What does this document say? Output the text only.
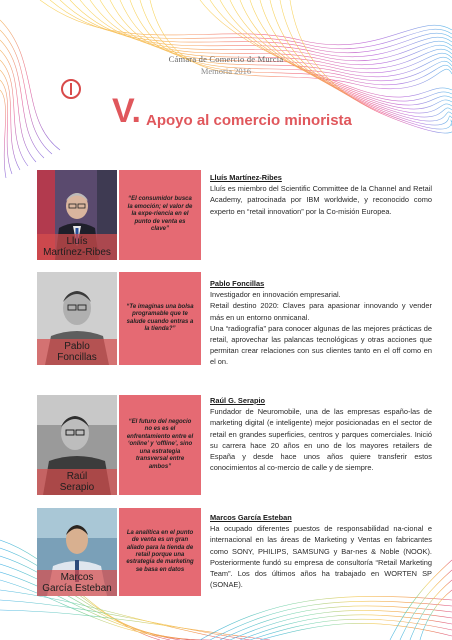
Cámara de Comercio de Murcia
Memoria 2016
V. Apoyo al comercio minorista
Lluís
Martínez-Ribes
“El consumidor busca la emoción; el valor de la expe-riencia en el punto de venta es clave”
Lluís Martínez-Ribes

Lluís es miembro del Scientific Committee de la Channel and Retail Academy, patrocinada por IBM worldwide, y reconocido como experto en “retail innovation” por la Co-misión Europea.

Pablo
Foncillas
“Te imaginas una bolsa programable que te salude cuando entras a la tienda?”
Pablo Foncillas

Investigador en innovación empresarial.

Retail destino 2020: Claves para apasionar innovando y vender más en un entorno onmicanal.

Una “radiografía” para conocer algunas de las mejores prácticas de retail, aprovechar las palancas tecnológicas y otras acciones que permitan crear relaciones con sus clientes tanto en el off como en el on.

Raúl
Serapio
“El futuro del negocio no es es el enfrentamiento entre el ‘online’ y ‘offline’, sino una estrategia transversal entre ambos”
Raúl G. Serapio

Fundador de Neuromobile, una de las empresas españo-las de marketing digital (e inteligente) mejor posicionadas en el sector de retail en grandes superficies, centros y parques comerciales. Inició su carrera hace 20 años en uno de los mayores retailers de España y desde hace unos años quiere transferir estos conocimientos al co-mercio de calle y de siempre.

Marcos
García Esteban
La analítica en el punto de venta es un gran aliado para la tienda de retail porque una estrategia de marketing se basa en datos
Marcos García Esteban

Ha ocupado diferentes puestos de responsabilidad na-cional e internacional en las áreas de Marketing y Ventas en fabricantes como SONY, PHILIPS, SAMSUNG y Bar-nes & Noble (NOOK). Posteriormente fundó su empresa de consultoría “Retail Marketing Team”. Los dos últimos años ha trabajado en WORTEN SP (SONAE).
